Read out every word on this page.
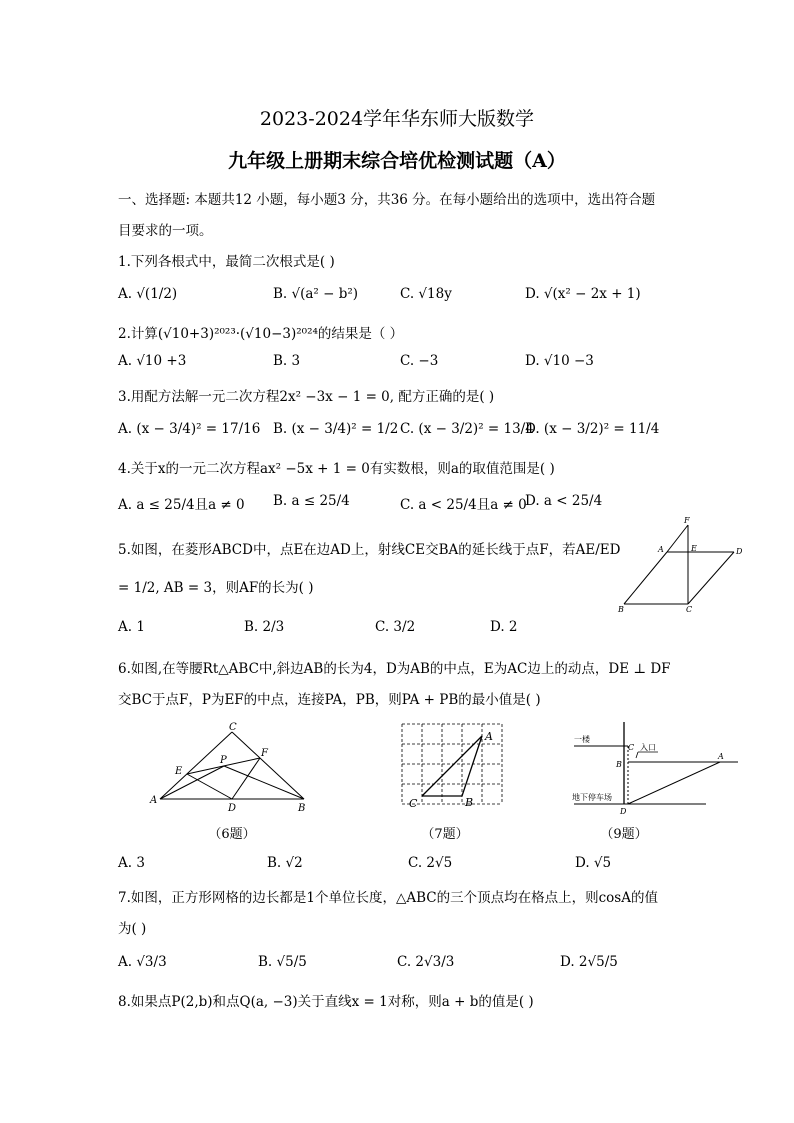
2023-2024学年华东师大版数学
九年级上册期末综合培优检测试题（A）
一、选择题: 本题共12 小题，每小题3 分，共36 分。在每小题给出的选项中，选出符合题
目要求的一项。
1.下列各根式中，最简二次根式是( )
A. √(1/2)	B. √(a² − b²)	C. √18y	D. √(x² − 2x + 1)
2.计算(√10+3)²⁰²³·(√10−3)²⁰²⁴的结果是（ ）
A. √10 +3	B. 3	C. −3	D. √10 −3
3.用配方法解一元二次方程2x² −3x − 1 = 0, 配方正确的是( )
A. (x − 3/4)² = 17/16 B. (x − 3/4)² = 1/2 C. (x − 3/2)² = 13/4
D. (x − 3/2)² = 11/4
4.关于x的一元二次方程ax² −5x + 1 = 0有实数根，则a的取值范围是( )
A. a ≤ 25/4且a ≠ 0 B. a ≤ 25/4	C. a < 25/4且a ≠ 0
D. a < 25/4
5.如图，在菱形ABCD中，点E在边AD上，射线CE交BA的延长线于点F，若AE/ED
= 1/2, AB = 3，则AF的长为( )
A. 1	B. 2/3	C. 3/2	D. 2
F
A	E	D
B	C
6.如图,在等腰Rt△ABC中,斜边AB的长为4，D为AB的中点，E为AC边上的动点，DE ⊥ DF
交BC于点F，P为EF的中点，连接PA，PB，则PA + PB的最小值是( )
C
E
P
F
A
D	B
（6题）
A
C	B
（7题）
一楼
入口
地下停车场
C
B
A
D
（9题）
A. 3	B. √2	C. 2√5	D. √5
7.如图，正方形网格的边长都是1个单位长度，△ABC的三个顶点均在格点上，则cosA的值
为( )
A. √3/3	B. √5/5	C. 2√3/3	D. 2√5/5
8.如果点P(2,b)和点Q(a, −3)关于直线x = 1对称，则a + b的值是( )
